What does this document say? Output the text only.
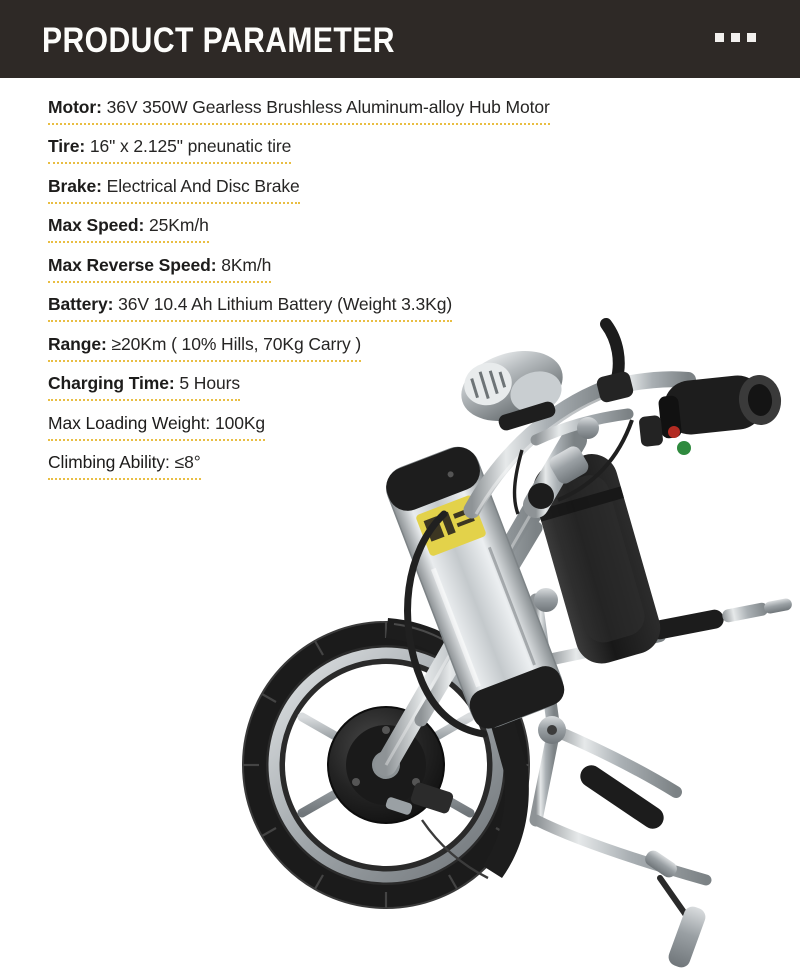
PRODUCT PARAMETER
Motor: 36V 350W Gearless Brushless Aluminum-alloy Hub Motor
Tire: 16" x 2.125" pneunatic tire
Brake: Electrical And Disc Brake
Max Speed: 25Km/h
Max Reverse Speed: 8Km/h
Battery: 36V 10.4 Ah Lithium Battery (Weight 3.3Kg)
Range: ≥20Km ( 10% Hills, 70Kg Carry )
Charging Time: 5 Hours
Max Loading Weight: 100Kg
Climbing Ability: ≤8°
